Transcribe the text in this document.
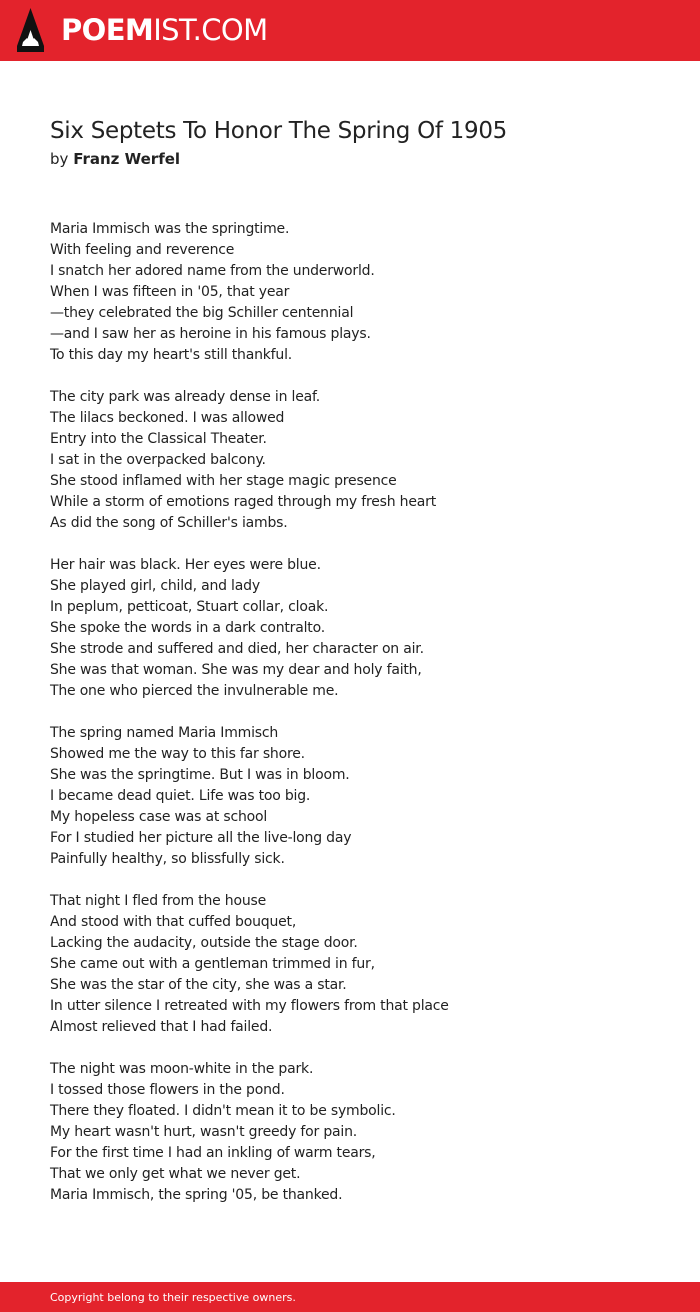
POEMIST.COM
Six Septets To Honor The Spring Of 1905
by Franz Werfel
Maria Immisch was the springtime.
With feeling and reverence
I snatch her adored name from the underworld.
When I was fifteen in '05, that year
—they celebrated the big Schiller centennial
—and I saw her as heroine in his famous plays.
To this day my heart's still thankful.
The city park was already dense in leaf.
The lilacs beckoned. I was allowed
Entry into the Classical Theater.
I sat in the overpacked balcony.
She stood inflamed with her stage magic presence
While a storm of emotions raged through my fresh heart
As did the song of Schiller's iambs.
Her hair was black. Her eyes were blue.
She played girl, child, and lady
In peplum, petticoat, Stuart collar, cloak.
She spoke the words in a dark contralto.
She strode and suffered and died, her character on air.
She was that woman. She was my dear and holy faith,
The one who pierced the invulnerable me.
The spring named Maria Immisch
Showed me the way to this far shore.
She was the springtime. But I was in bloom.
I became dead quiet. Life was too big.
My hopeless case was at school
For I studied her picture all the live-long day
Painfully healthy, so blissfully sick.
That night I fled from the house
And stood with that cuffed bouquet,
Lacking the audacity, outside the stage door.
She came out with a gentleman trimmed in fur,
She was the star of the city, she was a star.
In utter silence I retreated with my flowers from that place
Almost relieved that I had failed.
The night was moon-white in the park.
I tossed those flowers in the pond.
There they floated. I didn't mean it to be symbolic.
My heart wasn't hurt, wasn't greedy for pain.
For the first time I had an inkling of warm tears,
That we only get what we never get.
Maria Immisch, the spring '05, be thanked.
Copyright belong to their respective owners.
